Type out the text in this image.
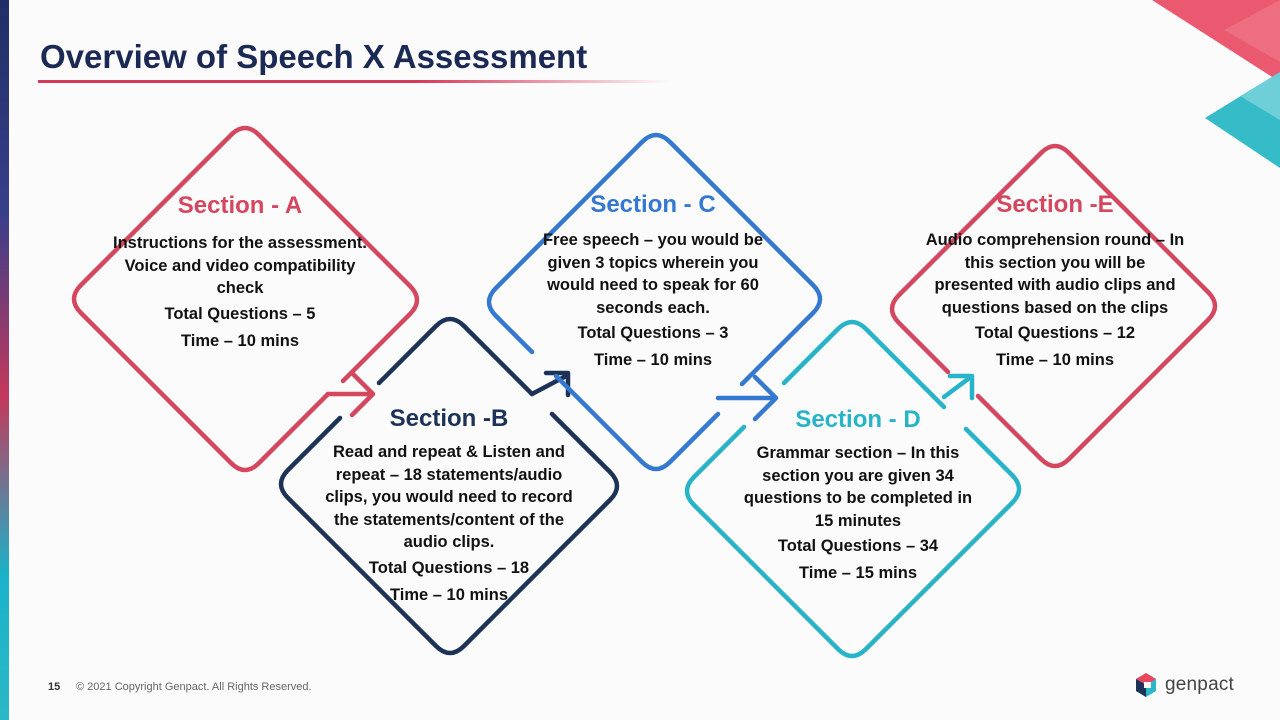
Overview of Speech X Assessment
Section - A
Instructions for the assessment. Voice and video compatibility check
Total Questions – 5
Time – 10 mins
Section -B
Read and repeat & Listen and repeat – 18 statements/audio clips, you would need to record the statements/content of the audio clips.
Total Questions – 18
Time – 10 mins
Section - C
Free speech – you would be given 3 topics wherein you would need to speak for 60 seconds each.
Total Questions – 3
Time – 10 mins
Section - D
Grammar section – In this section you are given 34 questions to be completed in 15 minutes
Total Questions – 34
Time – 15 mins
Section -E
Audio comprehension round – In this section you will be presented with audio clips and questions based on the clips
Total Questions – 12
Time – 10 mins
15 © 2021 Copyright Genpact. All Rights Reserved.	genpact
